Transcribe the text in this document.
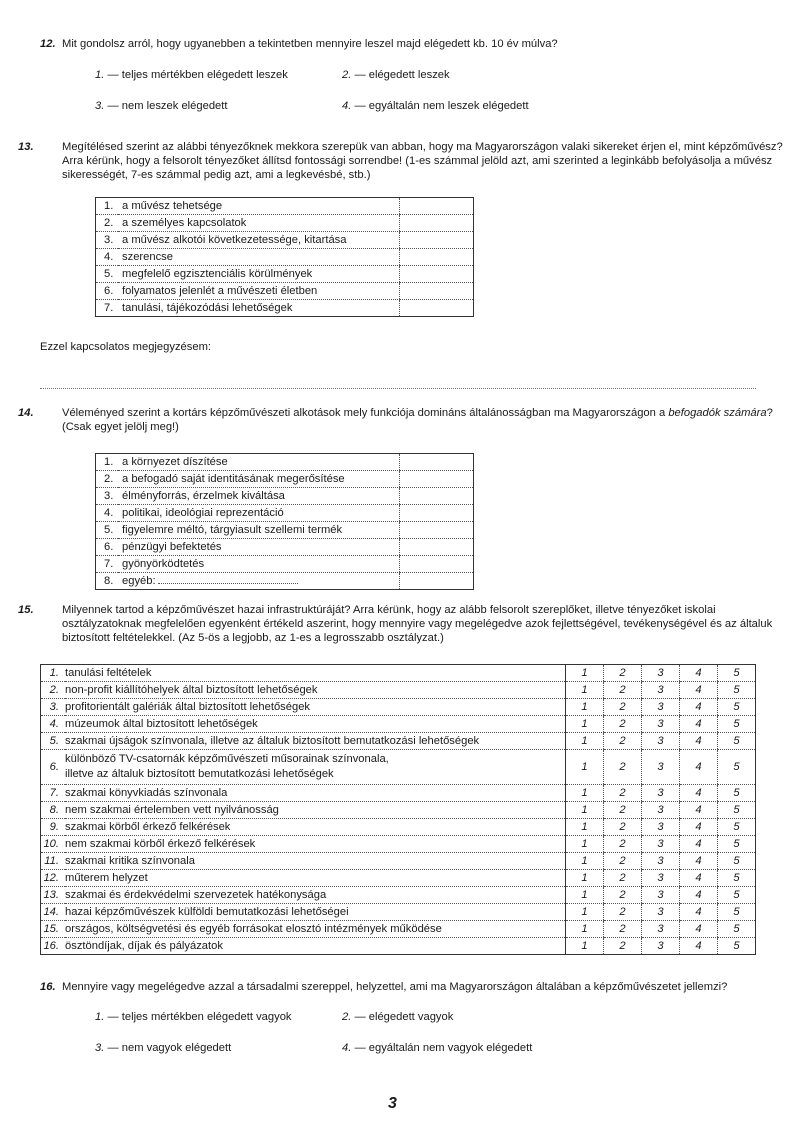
12. Mit gondolsz arról, hogy ugyanebben a tekintetben mennyire leszel majd elégedett kb. 10 év múlva?
1. — teljes mértékben elégedett leszek	2. — elégedett leszek
3. — nem leszek elégedett	4. — egyáltalán nem leszek elégedett
13.	Megítélésed szerint az alábbi tényezőknek mekkora szerepük van abban, hogy ma Magyarországon valaki sikereket érjen el, mint képzőművész? Arra kérünk, hogy a felsorolt tényezőket állítsd fontossági sorrendbe! (1-es számmal jelöld azt, ami szerinted a leginkább befolyásolja a művész sikerességét, 7-es számmal pedig azt, ami a legkevésbé, stb.)
1.	a művész tehetsége	
2.	a személyes kapcsolatok	
3.	a művész alkotói következetessége, kitartása	
4.	szerencse	
5.	megfelelő egzisztenciális körülmények	
6.	folyamatos jelenlét a művészeti életben	
7.	tanulási, tájékozódási lehetőségek	
Ezzel kapcsolatos megjegyzésem:
14.	Véleményed szerint a kortárs képzőművészeti alkotások mely funkciója domináns általánosságban ma Magyarországon a befogadók számára? (Csak egyet jelölj meg!)
1.	a környezet díszítése	
2.	a befogadó saját identitásának megerősítése	
3.	élményforrás, érzelmek kiváltása	
4.	politikai, ideológiai reprezentáció	
5.	figyelemre méltó, tárgyiasult szellemi termék	
6.	pénzügyi befektetés	
7.	gyönyörködtetés	
8.	egyéb:	
15.	Milyennek tartod a képzőművészet hazai infrastruktúráját? Arra kérünk, hogy az alább felsorolt szereplőket, illetve tényezőket iskolai osztályzatoknak megfelelően egyenként értékeld aszerint, hogy mennyire vagy megelégedve azok fejlettségével, tevékenységével és az általuk biztosított feltételekkel. (Az 5-ös a legjobb, az 1-es a legrosszabb osztályzat.)
1.	tanulási feltételek	1	2	3	4	5
2.	non-profit kiállítóhelyek által biztosított lehetőségek	1	2	3	4	5
3.	profitorientált galériák által biztosított lehetőségek	1	2	3	4	5
4.	múzeumok által biztosított lehetőségek	1	2	3	4	5
5.	szakmai újságok színvonala, illetve az általuk biztosított bemutatkozási lehetőségek	1	2	3	4	5
6.	különböző TV-csatornák képzőművészeti műsorainak színvonala,
illetve az általuk biztosított bemutatkozási lehetőségek	1	2	3	4	5
7.	szakmai könyvkiadás színvonala	1	2	3	4	5
8.	nem szakmai értelemben vett nyilvánosság	1	2	3	4	5
9.	szakmai körből érkező felkérések	1	2	3	4	5
10.	nem szakmai körből érkező felkérések	1	2	3	4	5
11.	szakmai kritika színvonala	1	2	3	4	5
12.	műterem helyzet	1	2	3	4	5
13.	szakmai és érdekvédelmi szervezetek hatékonysága	1	2	3	4	5
14.	hazai képzőművészek külföldi bemutatkozási lehetőségei	1	2	3	4	5
15.	országos, költségvetési és egyéb forrásokat elosztó intézmények működése	1	2	3	4	5
16.	ösztöndíjak, díjak és pályázatok	1	2	3	4	5
16. Mennyire vagy megelégedve azzal a társadalmi szereppel, helyzettel, ami ma Magyarországon általában a képzőművészetet jellemzi?
1. — teljes mértékben elégedett vagyok	2. — elégedett vagyok
3. — nem vagyok elégedett	4. — egyáltalán nem vagyok elégedett
3
